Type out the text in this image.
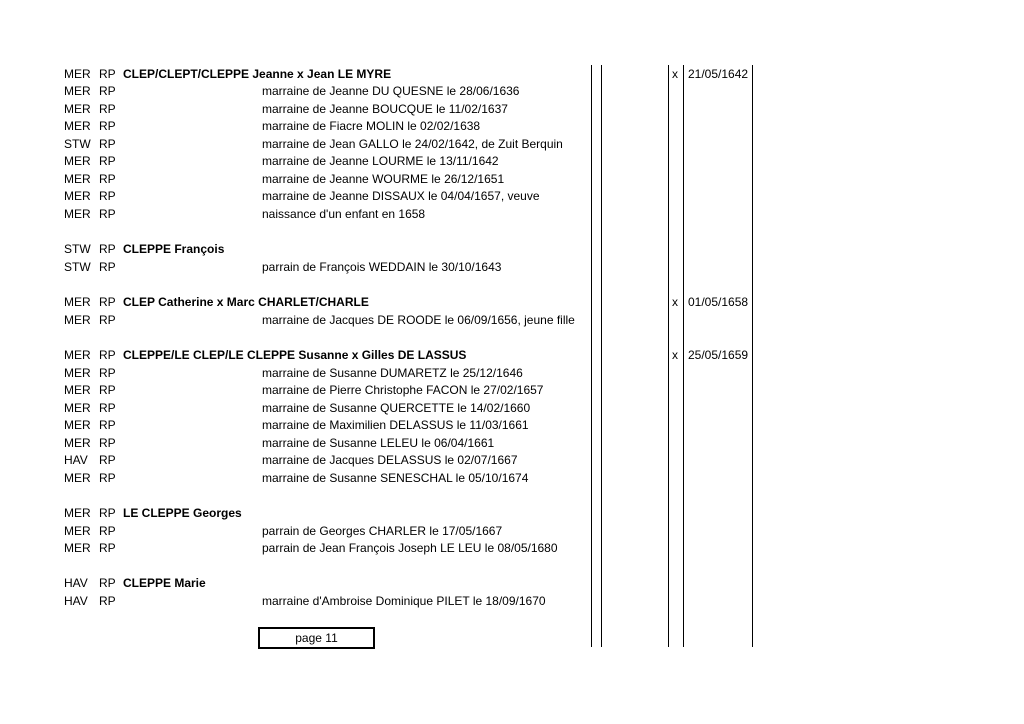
MER RP CLEP/CLEPT/CLEPPE Jeanne x Jean LE MYRE	x 21/05/1642
MER RP	marraine de Jeanne DU QUESNE le 28/06/1636
MER RP	marraine de Jeanne BOUCQUE le 11/02/1637
MER RP	marraine de Fiacre MOLIN le 02/02/1638
STW RP	marraine de Jean GALLO le 24/02/1642, de Zuit Berquin
MER RP	marraine de Jeanne LOURME le 13/11/1642
MER RP	marraine de Jeanne WOURME le 26/12/1651
MER RP	marraine de Jeanne DISSAUX le 04/04/1657, veuve
MER RP	naissance d'un enfant en 1658
STW RP CLEPPE François
STW RP	parrain de François WEDDAIN le 30/10/1643
MER RP CLEP Catherine x Marc CHARLET/CHARLE	x 01/05/1658
MER RP	marraine de Jacques DE ROODE le 06/09/1656, jeune fille
MER RP CLEPPE/LE CLEP/LE CLEPPE Susanne x Gilles DE LASSUS	x 25/05/1659
MER RP	marraine de Susanne DUMARETZ le 25/12/1646
MER RP	marraine de Pierre Christophe FACON le 27/02/1657
MER RP	marraine de Susanne QUERCETTE le 14/02/1660
MER RP	marraine de Maximilien DELASSUS le 11/03/1661
MER RP	marraine de Susanne LELEU le 06/04/1661
HAV RP	marraine de Jacques DELASSUS le 02/07/1667
MER RP	marraine de Susanne SENESCHAL le 05/10/1674
MER RP LE CLEPPE Georges
MER RP	parrain de Georges CHARLER le 17/05/1667
MER RP	parrain de Jean François Joseph LE LEU le 08/05/1680
HAV RP CLEPPE Marie
HAV RP	marraine d'Ambroise Dominique PILET le 18/09/1670
page 11
